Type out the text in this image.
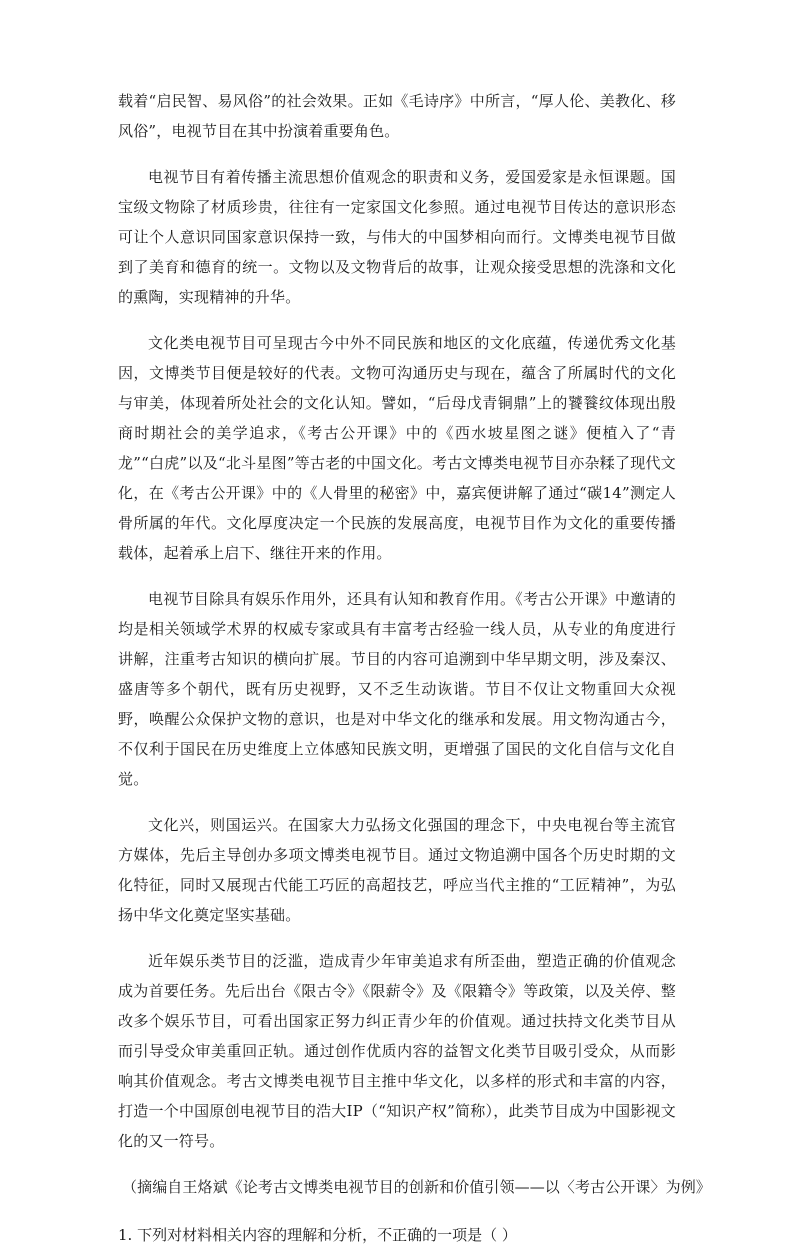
载着“启民智、易风俗”的社会效果。正如《毛诗序》中所言，“厚人伦、美教化、移风俗”，电视节目在其中扮演着重要角色。

电视节目有着传播主流思想价值观念的职责和义务，爱国爱家是永恒课题。国宝级文物除了材质珍贵，往往有一定家国文化参照。通过电视节目传达的意识形态可让个人意识同国家意识保持一致，与伟大的中国梦相向而行。文博类电视节目做到了美育和德育的统一。文物以及文物背后的故事，让观众接受思想的洗涤和文化的熏陶，实现精神的升华。

文化类电视节目可呈现古今中外不同民族和地区的文化底蕴，传递优秀文化基因，文博类节目便是较好的代表。文物可沟通历史与现在，蕴含了所属时代的文化与审美，体现着所处社会的文化认知。譬如，“后母戊青铜鼎”上的饕餮纹体现出殷商时期社会的美学追求，《考古公开课》中的《西水坡星图之谜》便植入了“青龙”“白虎”以及“北斗星图”等古老的中国文化。考古文博类电视节目亦杂糅了现代文化，在《考古公开课》中的《人骨里的秘密》中，嘉宾便讲解了通过“碳14”测定人骨所属的年代。文化厚度决定一个民族的发展高度，电视节目作为文化的重要传播载体，起着承上启下、继往开来的作用。

电视节目除具有娱乐作用外，还具有认知和教育作用。《考古公开课》中邀请的均是相关领域学术界的权威专家或具有丰富考古经验一线人员，从专业的角度进行讲解，注重考古知识的横向扩展。节目的内容可追溯到中华早期文明，涉及秦汉、盛唐等多个朝代，既有历史视野，又不乏生动诙谐。节目不仅让文物重回大众视野，唤醒公众保护文物的意识，也是对中华文化的继承和发展。用文物沟通古今，不仅利于国民在历史维度上立体感知民族文明，更增强了国民的文化自信与文化自觉。

文化兴，则国运兴。在国家大力弘扬文化强国的理念下，中央电视台等主流官方媒体，先后主导创办多项文博类电视节目。通过文物追溯中国各个历史时期的文化特征，同时又展现古代能工巧匠的高超技艺，呼应当代主推的“工匠精神”，为弘扬中华文化奠定坚实基础。

近年娱乐类节目的泛滥，造成青少年审美追求有所歪曲，塑造正确的价值观念成为首要任务。先后出台《限古令》《限薪令》及《限籍令》等政策，以及关停、整改多个娱乐节目，可看出国家正努力纠正青少年的价值观。通过扶持文化类节目从而引导受众审美重回正轨。通过创作优质内容的益智文化类节目吸引受众，从而影响其价值观念。考古文博类电视节目主推中华文化，以多样的形式和丰富的内容，打造一个中国原创电视节目的浩大IP（“知识产权”简称），此类节目成为中国影视文化的又一符号。

（摘编自王烙斌《论考古文博类电视节目的创新和价值引领——以〈考古公开课〉为例》

1. 下列对材料相关内容的理解和分析，不正确的一项是（ ）
